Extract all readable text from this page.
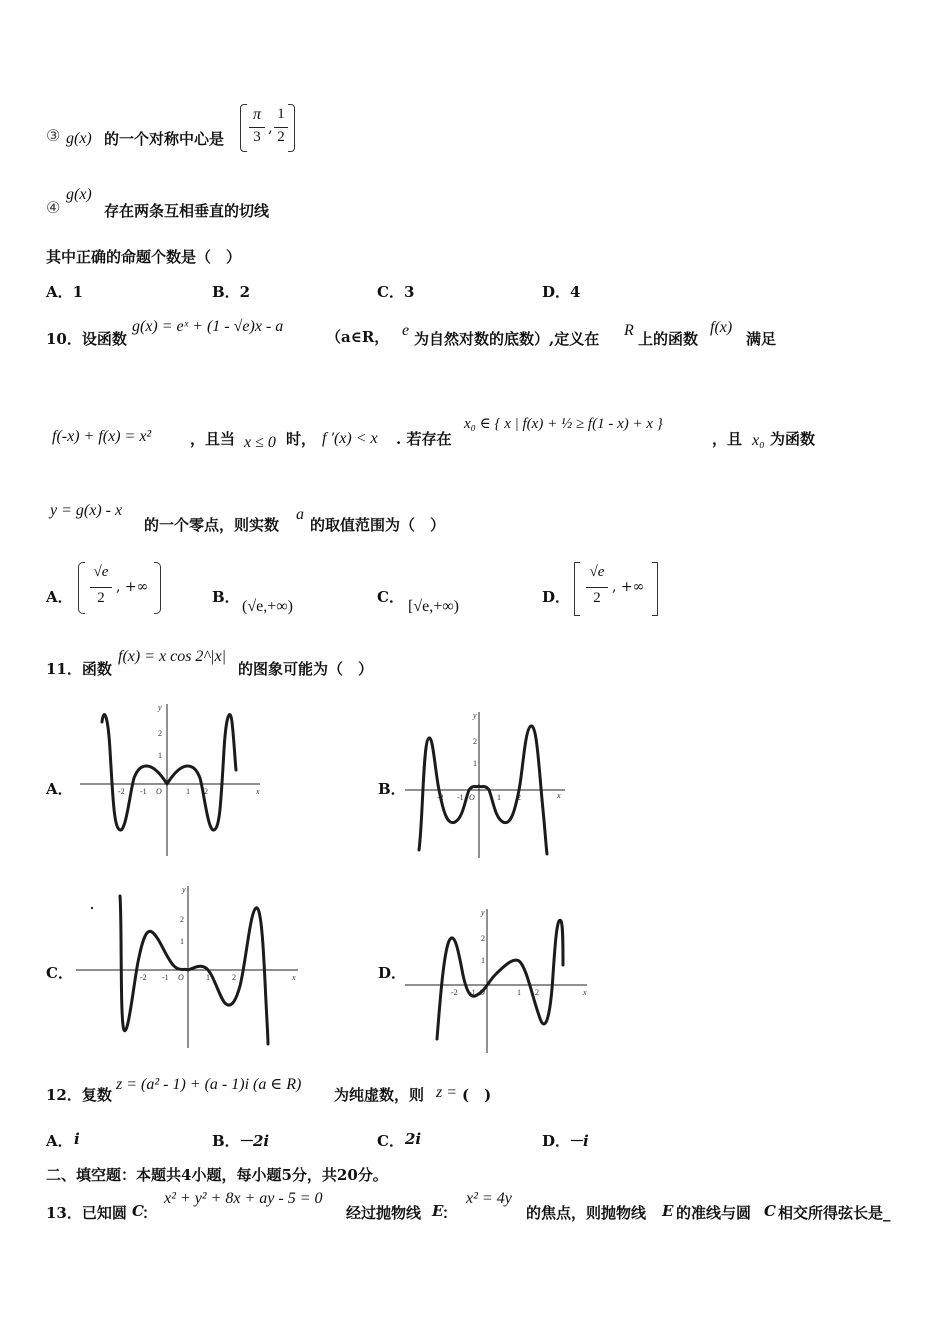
③ g(x) 的一个对称中心是
π
3
,
1
2
④
g(x)
存在两条互相垂直的切线
其中正确的命题个数是（　）
A．1	B．2	C．3	D．4
10．设函数
g(x) = eˣ + (1 - √e)x - a
（a∈R， e 为自然对数的底数）,定义在 R 上的函数
f(x)
满足
f(-x) + f(x) = x²	，且当 x ≤ 0 时， f ′(x) < x . 若存在
x₀ ∈ { x | f(x) + ½ ≥ f(1 - x) + x }
，且 x₀ 为函数
y = g(x) - x
的一个零点，则实数
a
的取值范围为（　）
A．
√e
2
, +∞
B．
(√e,+∞)
C．
[√e,+∞)
D．
√e
2
, +∞
11．函数
f(x) = x cos 2^|x|
的图象可能为（　）
A．	B．
C．	D．
x
y
2
1
-2 -1 O	1 2	x
y
2
1
-2 -1 O	1 2
x
y
2
1
-2 -1 O	1	2
x
y
2
1
-2 -1 O	1 2
12．复数
z = (a² - 1) + (a - 1)i (a ∈ R)
为纯虚数，则 z = (　)
A． i	B．
－2i	C． 2i	D．
－i
二、填空题：本题共4小题，每小题5分，共20分。
13．已知圆 C
：
x² + y² + 8x + ay - 5 = 0
经过抛物线 E
：
x² = 4y
的焦点，则抛物线 E 的准线与圆 C 相交所得弦长是_
